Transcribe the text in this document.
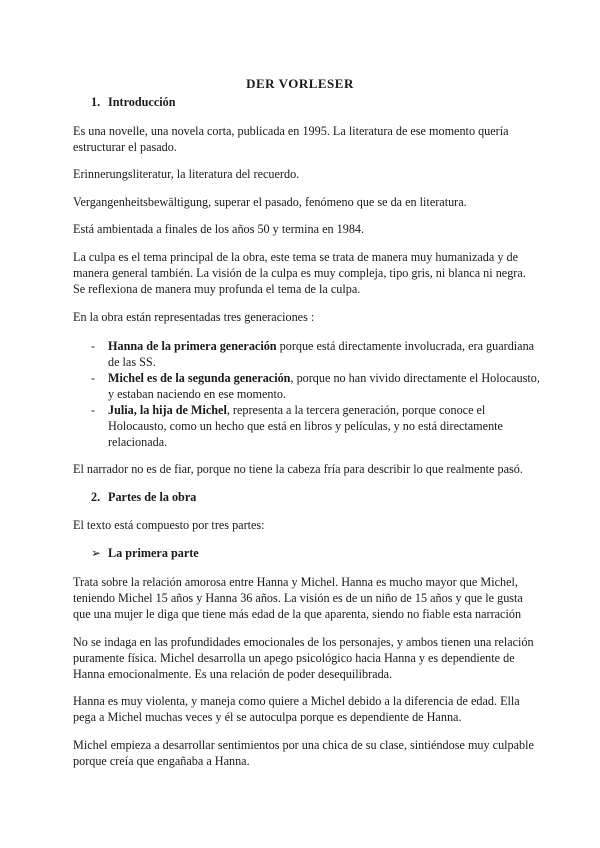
DER VORLESER
1. Introducción

Es una novelle, una novela corta, publicada en 1995. La literatura de ese momento quería estructurar el pasado.

Erinnerungsliteratur, la literatura del recuerdo.

Vergangenheitsbewältigung, superar el pasado, fenómeno que se da en literatura.

Está ambientada a finales de los años 50 y termina en 1984.

La culpa es el tema principal de la obra, este tema se trata de manera muy humanizada y de manera general también. La visión de la culpa es muy compleja, tipo gris, ni blanca ni negra. Se reflexiona de manera muy profunda el tema de la culpa.

En la obra están representadas tres generaciones :

- Hanna de la primera generación porque está directamente involucrada, era guardiana de las SS.
- Michel es de la segunda generación, porque no han vivido directamente el Holocausto, y estaban naciendo en ese momento.
- Julia, la hija de Michel, representa a la tercera generación, porque conoce el Holocausto, como un hecho que está en libros y películas, y no está directamente relacionada.

El narrador no es de fiar, porque no tiene la cabeza fría para describir lo que realmente pasó.

2. Partes de la obra

El texto está compuesto por tres partes:

➢ La primera parte

Trata sobre la relación amorosa entre Hanna y Michel. Hanna es mucho mayor que Michel, teniendo Michel 15 años y Hanna 36 años. La visión es de un niño de 15 años y que le gusta que una mujer le diga que tiene más edad de la que aparenta, siendo no fiable esta narración

No se indaga en las profundidades emocionales de los personajes, y ambos tienen una relación puramente física. Michel desarrolla un apego psicológico hacia Hanna y es dependiente de Hanna emocionalmente. Es una relación de poder desequilibrada.

Hanna es muy violenta, y maneja como quiere a Michel debido a la diferencia de edad. Ella pega a Michel muchas veces y él se autoculpa porque es dependiente de Hanna.

Michel empieza a desarrollar sentimientos por una chica de su clase, sintiéndose muy culpable porque creía que engañaba a Hanna.
